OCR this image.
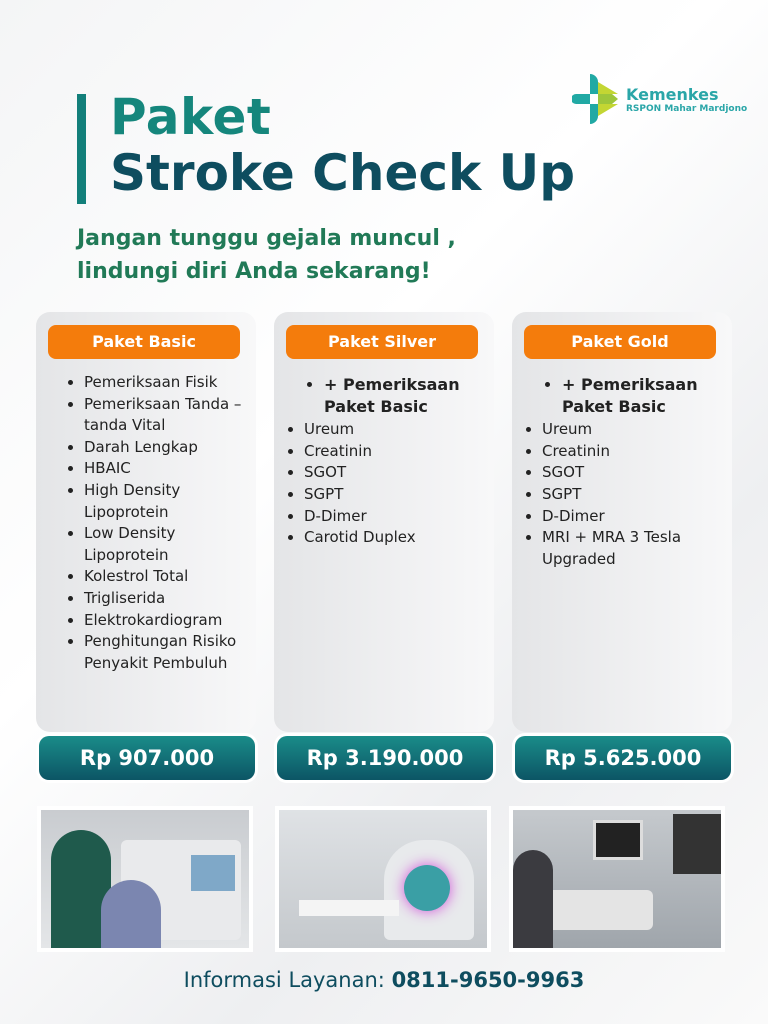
Kemenkes
RSPON Mahar Mardjono
Paket
Stroke Check Up
Jangan tunggu gejala muncul ,
lindungi diri Anda sekarang!
Paket Basic
• Pemeriksaan Fisik
• Pemeriksaan Tanda – tanda Vital
• Darah Lengkap
• HBAIC
• High Density Lipoprotein
• Low Density Lipoprotein
• Kolestrol Total
• Trigliserida
• Elektrokardiogram
• Penghitungan Risiko Penyakit Pembuluh
Paket Silver
• + Pemeriksaan Paket Basic
• Ureum
• Creatinin
• SGOT
• SGPT
• D-Dimer
• Carotid Duplex
Paket Gold
• + Pemeriksaan Paket Basic
• Ureum
• Creatinin
• SGOT
• SGPT
• D-Dimer
• MRI + MRA 3 Tesla Upgraded
Rp 907.000	Rp 3.190.000	Rp 5.625.000
Informasi Layanan: 0811-9650-9963
